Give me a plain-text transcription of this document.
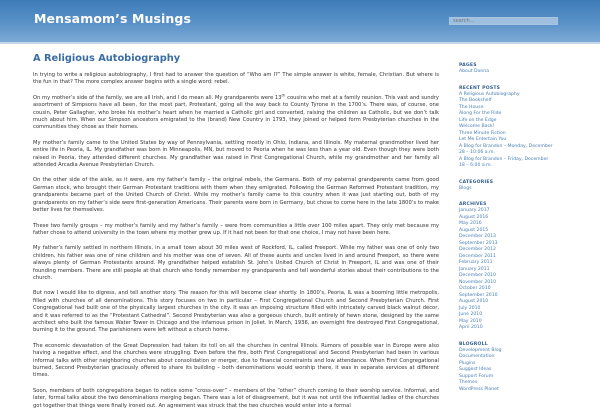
Mensamom’s Musings
search...
A Religious Autobiography

In trying to write a religious autobiography, I first had to answer the question of “Who am I?” The simple answer is white, female, Christian. But where is the fun in that? The more complex answer begins with a single word: rebel.

On my mother’s side of the family, we are all Irish, and I do mean all. My grandparents were 13th cousins who met at a family reunion. This vast and sundry assortment of Simpsons have all been, for the most part, Protestant, going all the way back to County Tyrone in the 1700’s. There was, of course, one cousin, Peter Gallagher, who broke his mother’s heart when he married a Catholic girl and converted, raising the children as Catholic, but we don’t talk much about him. When our Simpson ancestors emigrated to the (brand) New Country in 1793, they joined or helped form Presbyterian churches in the communities they chose as their homes.

My mother’s family came to the United States by way of Pennsylvania, settling mostly in Ohio, Indiana, and Illinois. My maternal grandmother lived her entire life in Peoria, IL. My grandfather was born in Minneapolis, MN, but moved to Peoria when he was less than a year old. Even though they were both raised in Peoria, they attended different churches. My grandfather was raised in First Congregational Church, while my grandmother and her family all attended Arcadia Avenue Presbyterian Church.

On the other side of the aisle, as it were, are my father’s family – the original rebels, the Germans. Both of my paternal grandparents came from good German stock, who brought their German Protestant traditions with them when they emigrated. Following the German Reformed Protestant tradition, my grandparents became part of the United Church of Christ. While my mother’s family came to this country when it was just starting out, both of my grandparents on my father’s side were first-generation Americans. Their parents were born in Germany, but chose to come here in the late 1800’s to make better lives for themselves.

These two family groups – my mother’s family and my father’s family – were from communities a little over 100 miles apart. They only met because my father chose to attend university in the town where my mother grew up. If it had not been for that one choice, I may not have been here.

My father’s family settled in northern Illinois, in a small town about 30 miles west of Rockford, IL, called Freeport. While my father was one of only two children, his father was one of nine children and his mother was one of seven. All of these aunts and uncles lived in and around Freeport, so there were always plenty of German Protestants around. My grandfather helped establish St. John’s United Church of Christ in Freeport, IL and was one of their founding members. There are still people at that church who fondly remember my grandparents and tell wonderful stories about their contributions to the church.

But now I would like to digress, and tell another story. The reason for this will become clear shortly. In 1800’s, Peoria, IL was a booming little metropolis, filled with churches of all denominations. This story focuses on two in particular – First Congregational Church and Second Presbyterian Church. First Congregational had built one of the physically largest churches in the city. It was an imposing structure filled with intricately carved black walnut décor, and it was referred to as the “Protestant Cathedral”. Second Presbyterian was also a gorgeous church, built entirely of hewn stone, designed by the same architect who built the famous Water Tower in Chicago and the infamous prison in Joliet. In March, 1936, an overnight fire destroyed First Congregational, burning it to the ground. The parishioners were left without a church home.

The economic devastation of the Great Depression had taken its toll on all the churches in central Illinois. Rumors of possible war in Europe were also having a negative effect, and the churches were struggling. Even before the fire, both First Congregational and Second Presbyterian had been in various informal talks with other neighboring churches about consolidation or merger, due to financial constraints and low attendance. When First Congregational burned, Second Presbyterian graciously offered to share its building – both denominations would worship there, it was in separate services at different times.

Soon, members of both congregations began to notice some “cross-over” – members of the “other” church coming to their worship service. Informal, and later, formal talks about the two denominations merging began. There was a lot of disagreement, but it was not until the influential ladies of the churches got together that things were finally ironed out. An agreement was struck that the two churches would enter into a formal

PAGES
About Donna
RECENT POSTS
A Religious Autobiography
The Bookshelf
The House
Along For the Ride
Life on the Edge
Welcome Back!
Three Minute Fiction
Let Me Entertain You
A Blog for Brandon – Monday, December
28 – 10:06 a.m.
A Blog for Brandon – Friday, December
18 – 6:00 a.m.
CATEGORIES
Blogs
ARCHIVES
January 2017
August 2016
May 2016
August 2015
December 2013
September 2013
December 2012
December 2011
February 2011
January 2011
December 2010
November 2010
October 2010
September 2010
August 2010
July 2010
June 2010
May 2010
April 2010
BLOGROLL
Development Blog
Documentation
Plugins
Suggest Ideas
Support Forum
Themes
WordPress Planet
